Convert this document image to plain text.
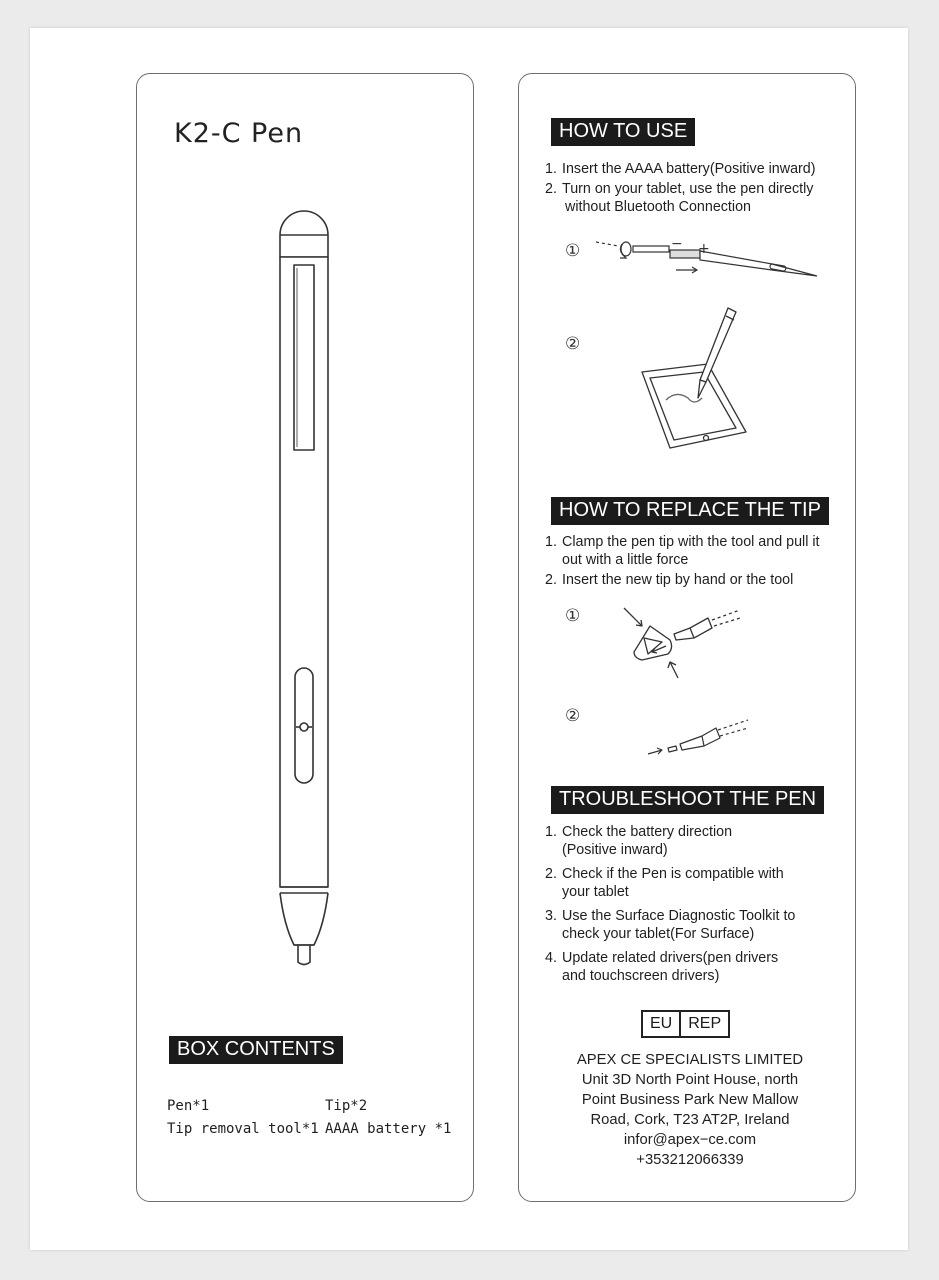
K2-C Pen
BOX CONTENTS
Pen*1	Tip*2
Tip removal tool*1 AAAA battery *1
HOW TO USE
1. Insert the AAAA battery(Positive inward)
2. Turn on your tablet, use the pen directly
without Bluetooth Connection
①	− +
②
HOW TO REPLACE THE TIP
1. Clamp the pen tip with the tool and pull it
out with a little force
2. Insert the new tip by hand or the tool
①
②
TROUBLESHOOT THE PEN
1. Check the battery direction
(Positive inward)
2. Check if the Pen is compatible with
your tablet
3. Use the Surface Diagnostic Toolkit to
check your tablet(For Surface)
4. Update related drivers(pen drivers
and touchscreen drivers)
EU	REP
APEX CE SPECIALISTS LIMITED
Unit 3D North Point House, north
Point Business Park New Mallow
Road, Cork, T23 AT2P, Ireland
infor@apex−ce.com
+353212066339
